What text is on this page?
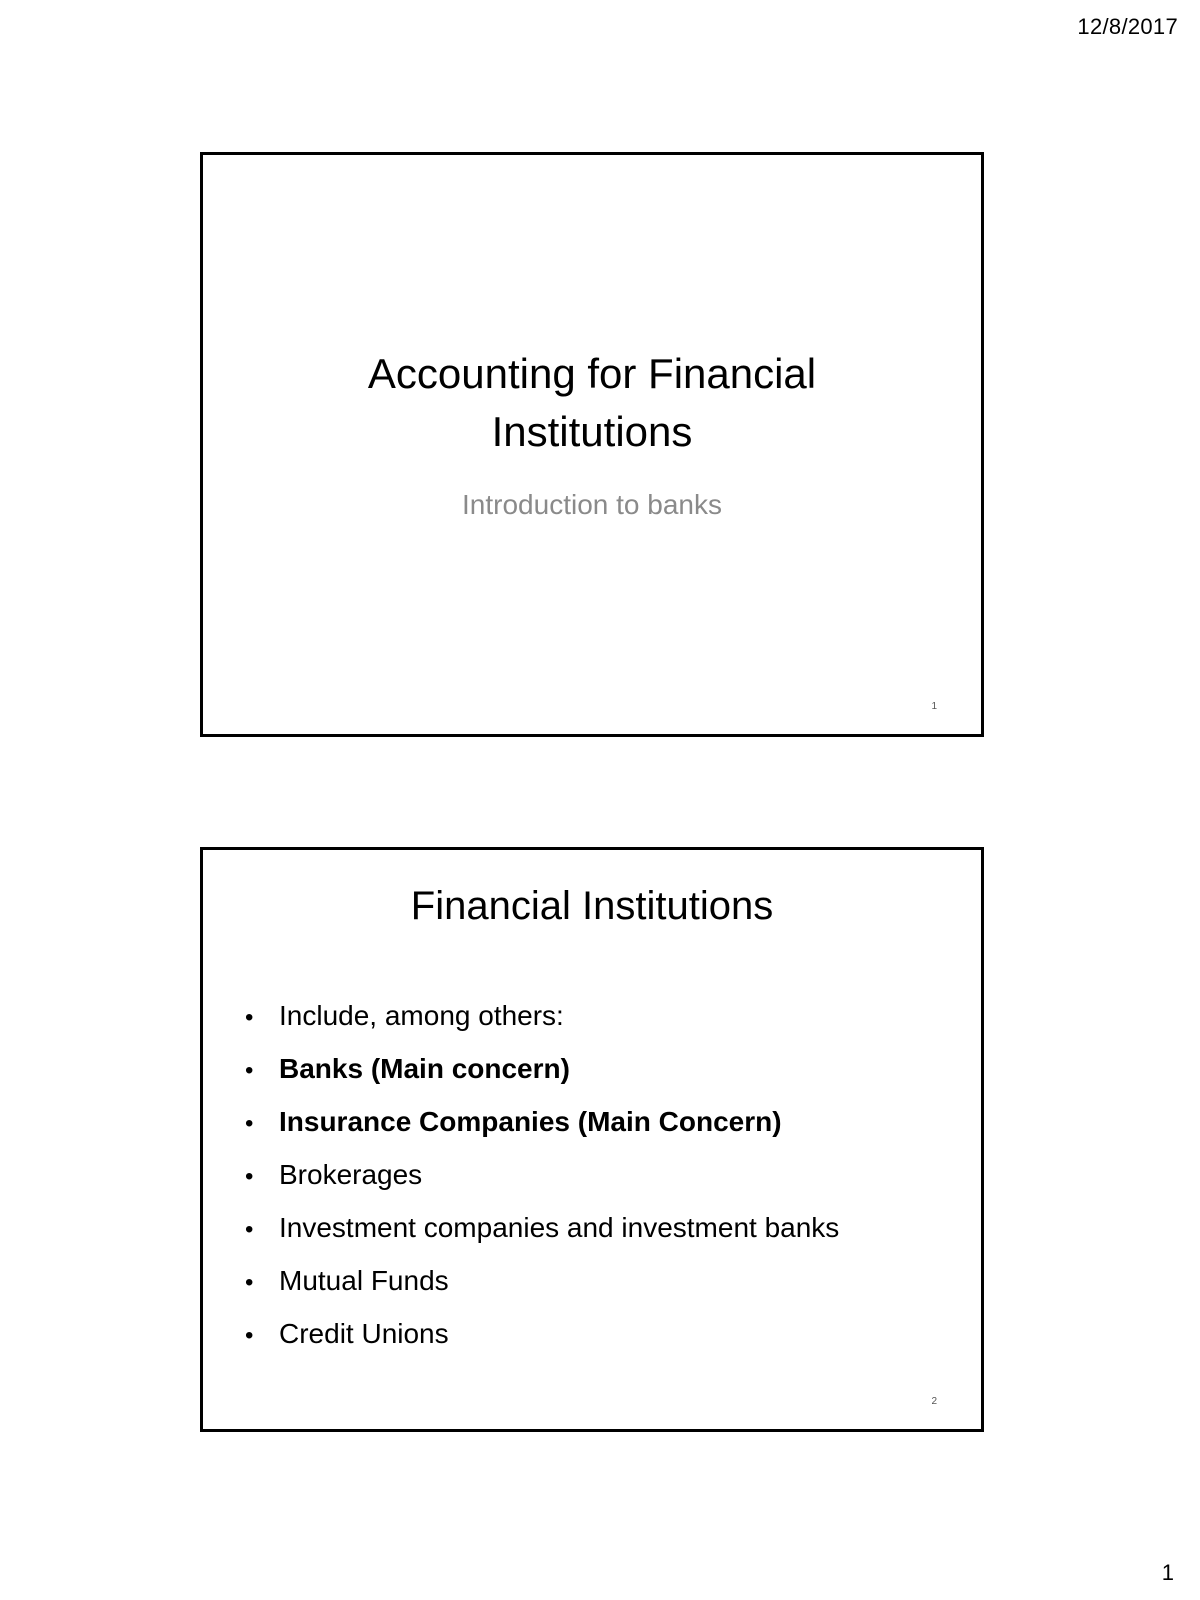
12/8/2017
Accounting for Financial Institutions
Introduction to banks
1
Financial Institutions
• Include, among others:
• Banks (Main concern)
• Insurance Companies (Main Concern)
• Brokerages
• Investment companies and investment banks
• Mutual Funds
• Credit Unions
2
1
